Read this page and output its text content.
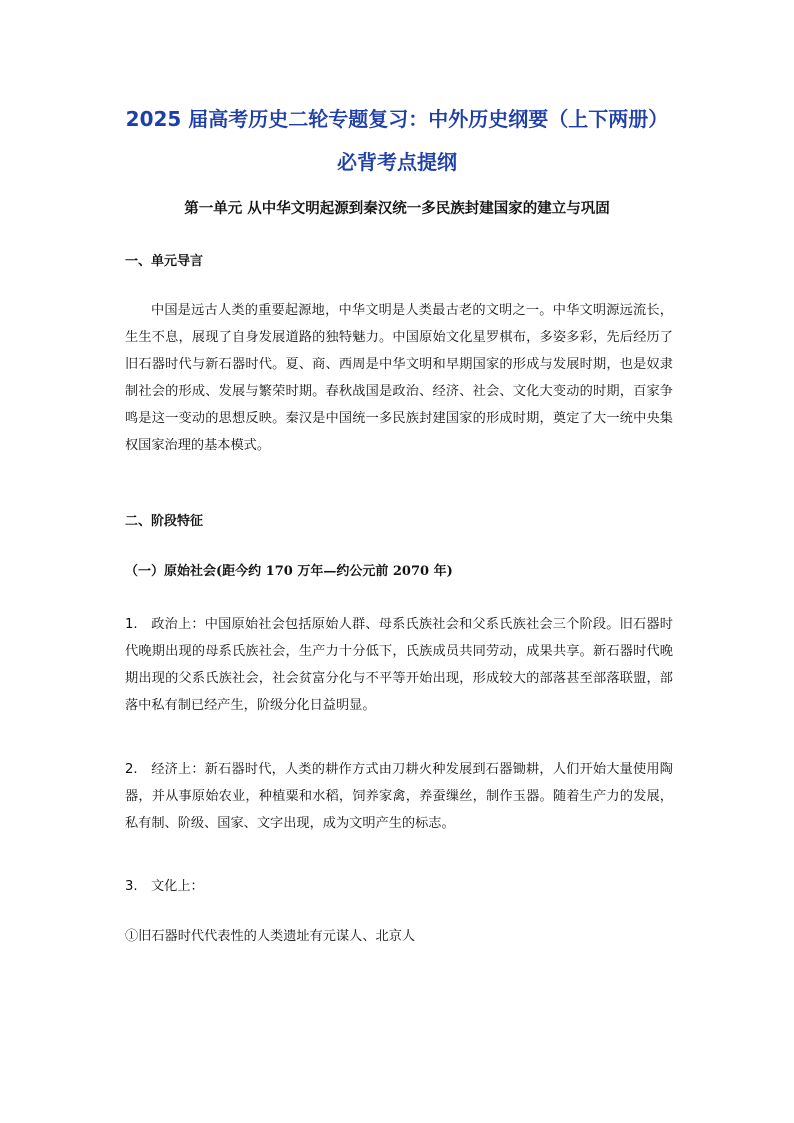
2025 届高考历史二轮专题复习：中外历史纲要（上下两册）
必背考点提纲
第一单元 从中华文明起源到秦汉统一多民族封建国家的建立与巩固
一、单元导言
中国是远古人类的重要起源地，中华文明是人类最古老的文明之一。中华文明源远流长，生生不息，展现了自身发展道路的独特魅力。中国原始文化星罗棋布，多姿多彩，先后经历了旧石器时代与新石器时代。夏、商、西周是中华文明和早期国家的形成与发展时期，也是奴隶制社会的形成、发展与繁荣时期。春秋战国是政治、经济、社会、文化大变动的时期，百家争鸣是这一变动的思想反映。秦汉是中国统一多民族封建国家的形成时期，奠定了大一统中央集权国家治理的基本模式。
二、阶段特征
（一）原始社会(距今约 170 万年—约公元前 2070 年)
1. 政治上：中国原始社会包括原始人群、母系氏族社会和父系氏族社会三个阶段。旧石器时代晚期出现的母系氏族社会，生产力十分低下，氏族成员共同劳动，成果共享。新石器时代晚期出现的父系氏族社会，社会贫富分化与不平等开始出现，形成较大的部落甚至部落联盟，部落中私有制已经产生，阶级分化日益明显。
2. 经济上：新石器时代，人类的耕作方式由刀耕火种发展到石器锄耕，人们开始大量使用陶器，并从事原始农业，种植粟和水稻，饲养家禽，养蚕缫丝，制作玉器。随着生产力的发展，私有制、阶级、国家、文字出现，成为文明产生的标志。
3. 文化上：
①旧石器时代代表性的人类遗址有元谋人、北京人
